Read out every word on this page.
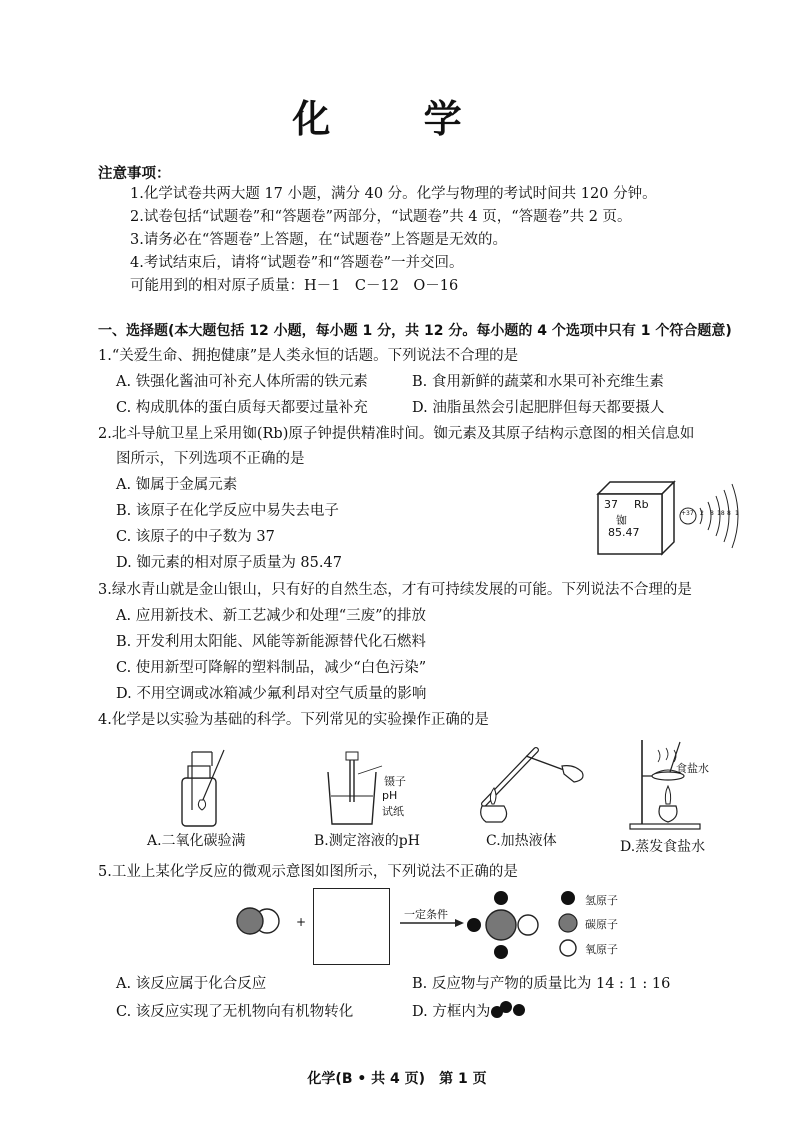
化 学
注意事项：
1.化学试卷共两大题 17 小题，满分 40 分。化学与物理的考试时间共 120 分钟。
2.试卷包括“试题卷”和“答题卷”两部分，“试题卷”共 4 页，“答题卷”共 2 页。
3.请务必在“答题卷”上答题，在“试题卷”上答题是无效的。
4.考试结束后，请将“试题卷”和“答题卷”一并交回。
可能用到的相对原子质量：H－1　C－12　O－16
一、选择题(本大题包括 12 小题，每小题 1 分，共 12 分。每小题的 4 个选项中只有 1 个符合题意)
1.“关爱生命、拥抱健康”是人类永恒的话题。下列说法不合理的是
A. 铁强化酱油可补充人体所需的铁元素	B. 食用新鲜的蔬菜和水果可补充维生素
C. 构成肌体的蛋白质每天都要过量补充	D. 油脂虽然会引起肥胖但每天都要摄人
2.北斗导航卫星上采用铷(Rb)原子钟提供精准时间。铷元素及其原子结构示意图的相关信息如
图所示，下列选项不正确的是
A. 铷属于金属元素
B. 该原子在化学反应中易失去电子
C. 该原子的中子数为 37
D. 铷元素的相对原子质量为 85.47
37 Rb
铷
85.47
+37 2 8 18 8 1
3.绿水青山就是金山银山，只有好的自然生态，才有可持续发展的可能。下列说法不合理的是
A. 应用新技术、新工艺减少和处理“三废”的排放
B. 开发利用太阳能、风能等新能源替代化石燃料
C. 使用新型可降解的塑料制品，减少“白色污染”
D. 不用空调或冰箱减少氟利昂对空气质量的影响
4.化学是以实验为基础的科学。下列常见的实验操作正确的是
A.二氧化碳验满
镊子
pH
试纸
B.测定溶液的pH	C.加热液体
食盐水
D.蒸发食盐水
5.工业上某化学反应的微观示意图如图所示，下列说法不正确的是
+
一定条件
氢原子
碳原子
氧原子
A. 该反应属于化合反应	B. 反应物与产物的质量比为 14 : 1 : 16
C. 该反应实现了无机物向有机物转化	D. 方框内为
化学(B • 共 4 页)　第 1 页
